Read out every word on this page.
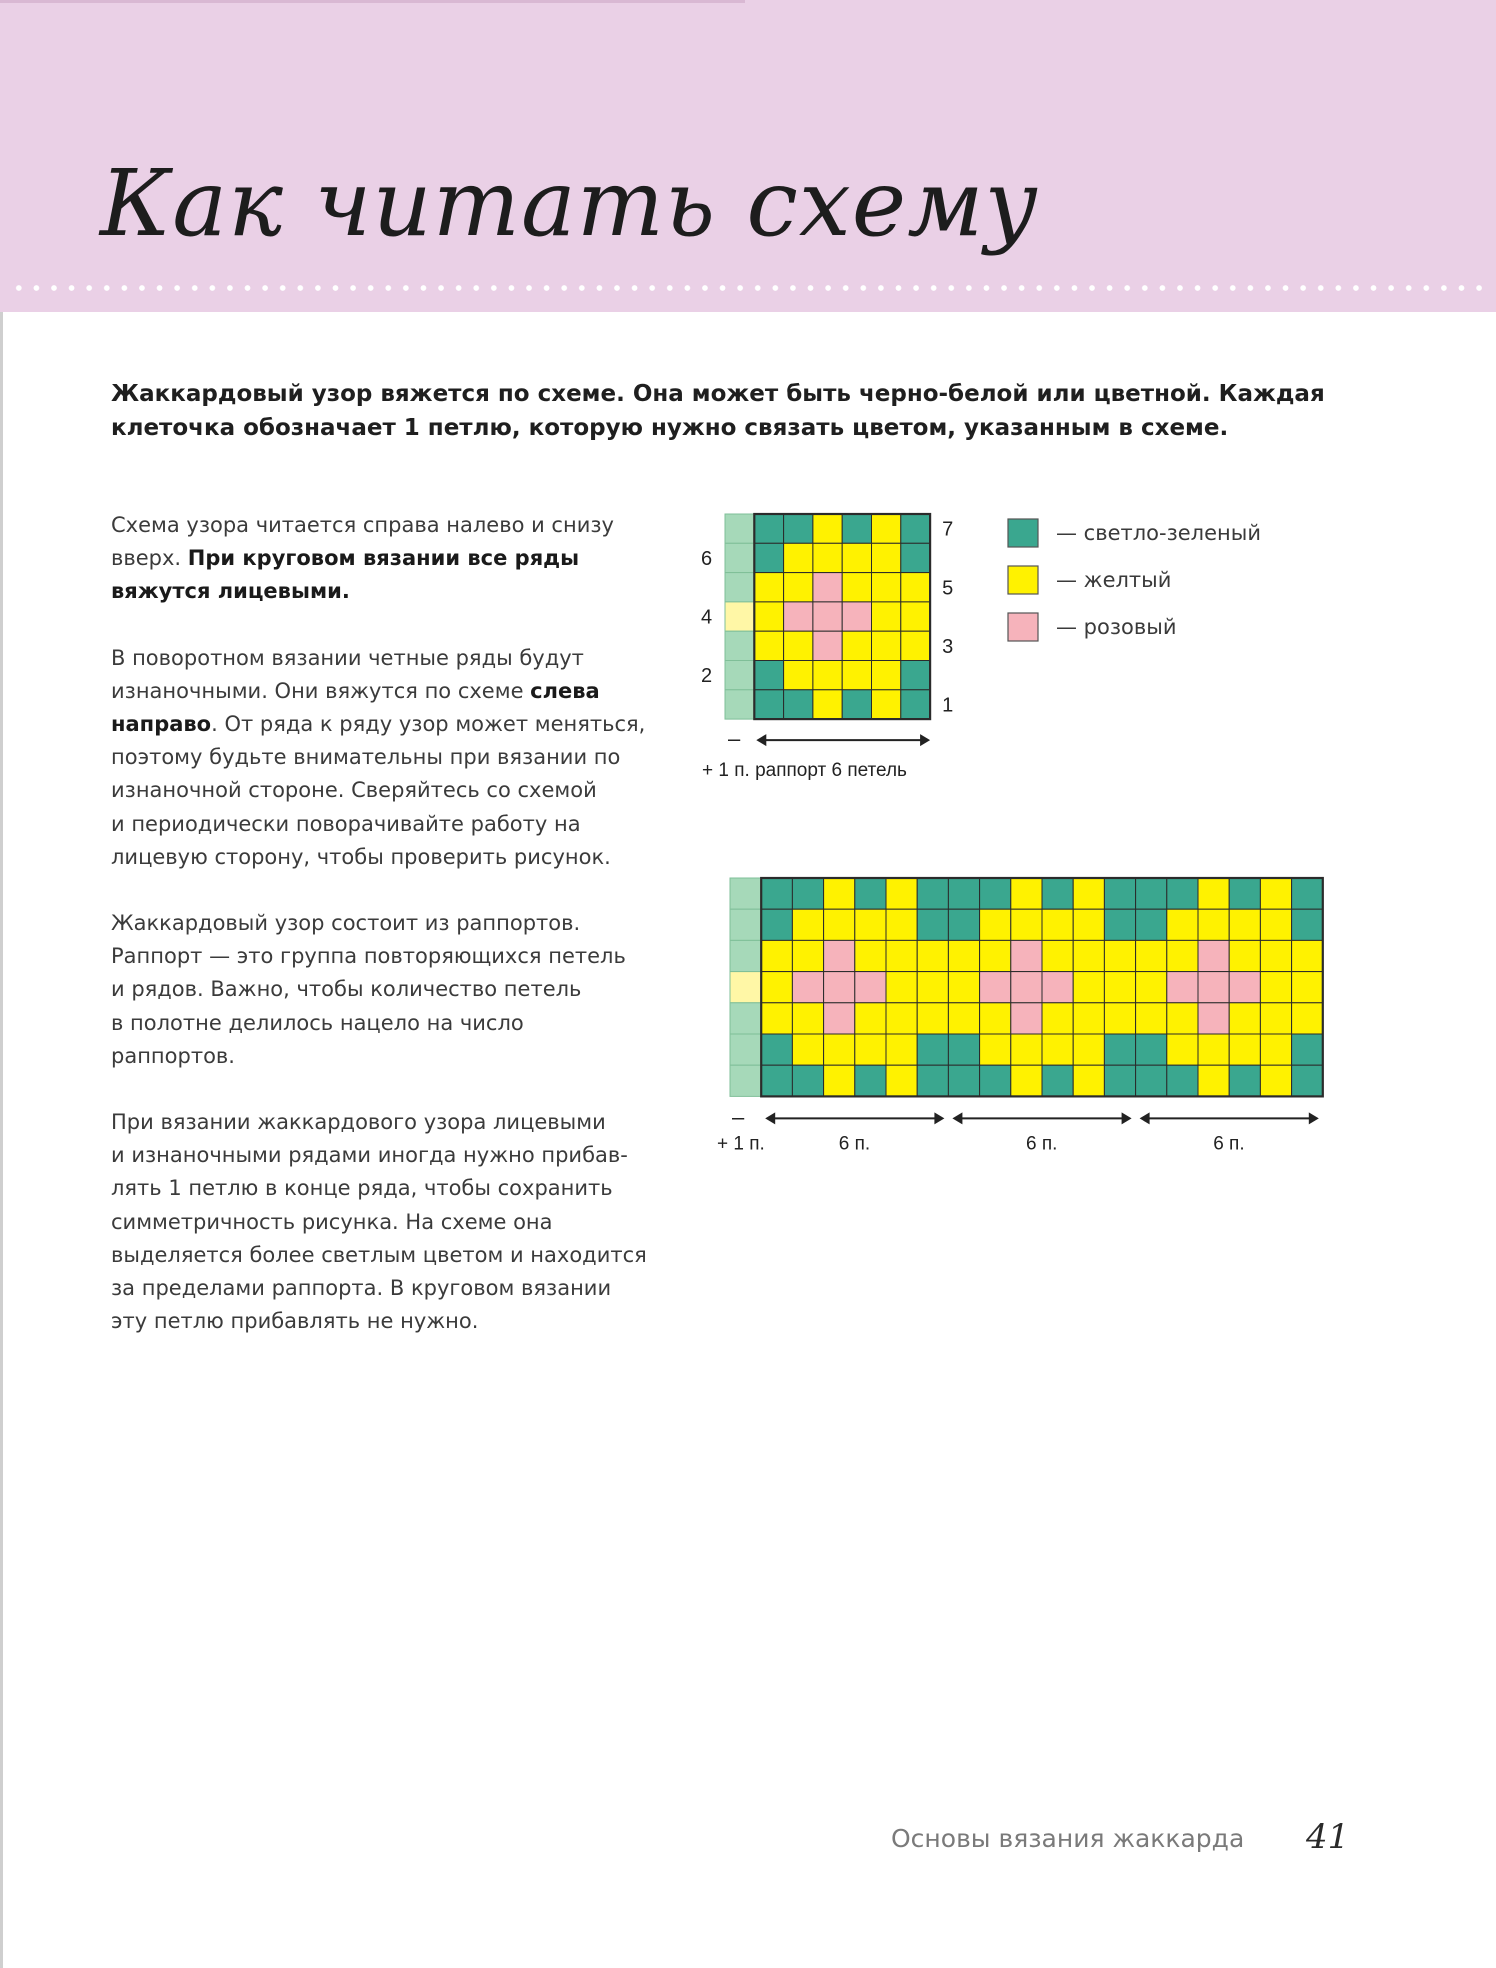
Как читать схему
Жаккардовый узор вяжется по схеме. Она может быть черно-белой или цветной. Каждая
клеточка обозначает 1 петлю, которую нужно связать цветом, указанным в схеме.
Схема узора читается справа налево и снизу
вверх. При круговом вязании все ряды
вяжутся лицевыми.
В поворотном вязании четные ряды будут
изнаночными. Они вяжутся по схеме слева
направо. От ряда к ряду узор может меняться,
поэтому будьте внимательны при вязании по
изнаночной стороне. Сверяйтесь со схемой
и периодически поворачивайте работу на
лицевую сторону, чтобы проверить рисунок.
Жаккардовый узор состоит из раппортов.
Раппорт — это группа повторяющихся петель
и рядов. Важно, чтобы количество петель
в полотне делилось нацело на число
раппортов.
При вязании жаккардового узора лицевыми
и изнаночными рядами иногда нужно прибав-
лять 1 петлю в конце ряда, чтобы сохранить
симметричность рисунка. На схеме она
выделяется более светлым цветом и находится
за пределами раппорта. В круговом вязании
эту петлю прибавлять не нужно.
7
5
3
1
6
4
2
–
+ 1 п. раппорт 6 петель
— светло-зеленый
— желтый
— розовый
–
+ 1 п.	6 п.	6 п.	6 п.
Основы вязания жаккарда 41
